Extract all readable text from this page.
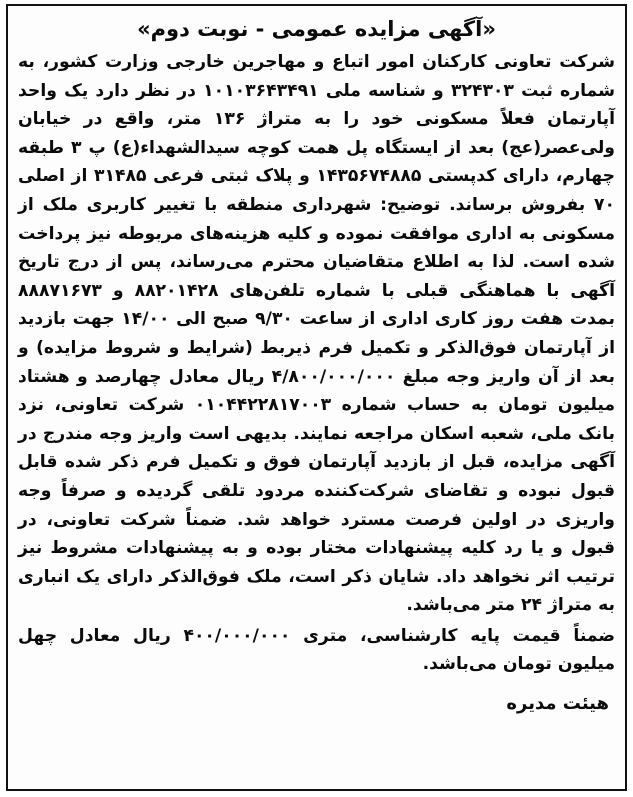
«آگهی مزایده عمومی - نوبت دوم»

شرکت تعاونی کارکنان امور اتباع و مهاجرین خارجی وزارت کشور، به شماره ثبت ۳۲۴۳۰۳ و شناسه ملی ۱۰۱۰۳۶۴۳۴۹۱ در نظر دارد یک واحد آپارتمان فعلاً مسکونی خود را به متراژ ۱۳۶ متر، واقع در خیابان ولی‌عصر(عج) بعد از ایستگاه پل همت کوچه سیدالشهداء(ع) پ ۳ طبقه چهارم، دارای کدپستی ۱۴۳۵۶۷۴۸۸۵ و پلاک ثبتی فرعی ۳۱۴۸۵ از اصلی ۷۰ بفروش برساند. توضیح: شهرداری منطقه با تغییر کاربری ملک از مسکونی به اداری موافقت نموده و کلیه هزینه‌های مربوطه نیز پرداخت شده است. لذا به اطلاع متقاضیان محترم می‌رساند، پس از درج تاریخ آگهی با هماهنگی قبلی با شماره تلفن‌های ۸۸۲۰۱۴۲۸ و ۸۸۸۷۱۶۷۳ بمدت هفت روز کاری اداری از ساعت ۹/۳۰ صبح الی ۱۴/۰۰ جهت بازدید از آپارتمان فوق‌الذکر و تکمیل فرم ذیربط (شرایط و شروط مزایده) و بعد از آن واریز وجه مبلغ ۴/۸۰۰/۰۰۰/۰۰۰ ریال معادل چهارصد و هشتاد میلیون تومان به حساب شماره ۰۱۰۴۴۲۲۸۱۷۰۰۳ شرکت تعاونی، نزد بانک ملی، شعبه اسکان مراجعه نمایند. بدیهی است واریز وجه مندرج در آگهی مزایده، قبل از بازدید آپارتمان فوق و تکمیل فرم ذکر شده قابل قبول نبوده و تقاضای شرکت‌کننده مردود تلقی گردیده و صرفاً وجه واریزی در اولین فرصت مسترد خواهد شد. ضمناً شرکت تعاونی، در قبول و یا رد کلیه پیشنهادات مختار بوده و به پیشنهادات مشروط نیز ترتیب اثر نخواهد داد. شایان ذکر است، ملک فوق‌الذکر دارای یک انباری به متراژ ۲۴ متر می‌باشد.

ضمناً قیمت پایه کارشناسی، متری ۴۰۰/۰۰۰/۰۰۰ ریال معادل چهل میلیون تومان می‌باشد.

هیئت مدیره
